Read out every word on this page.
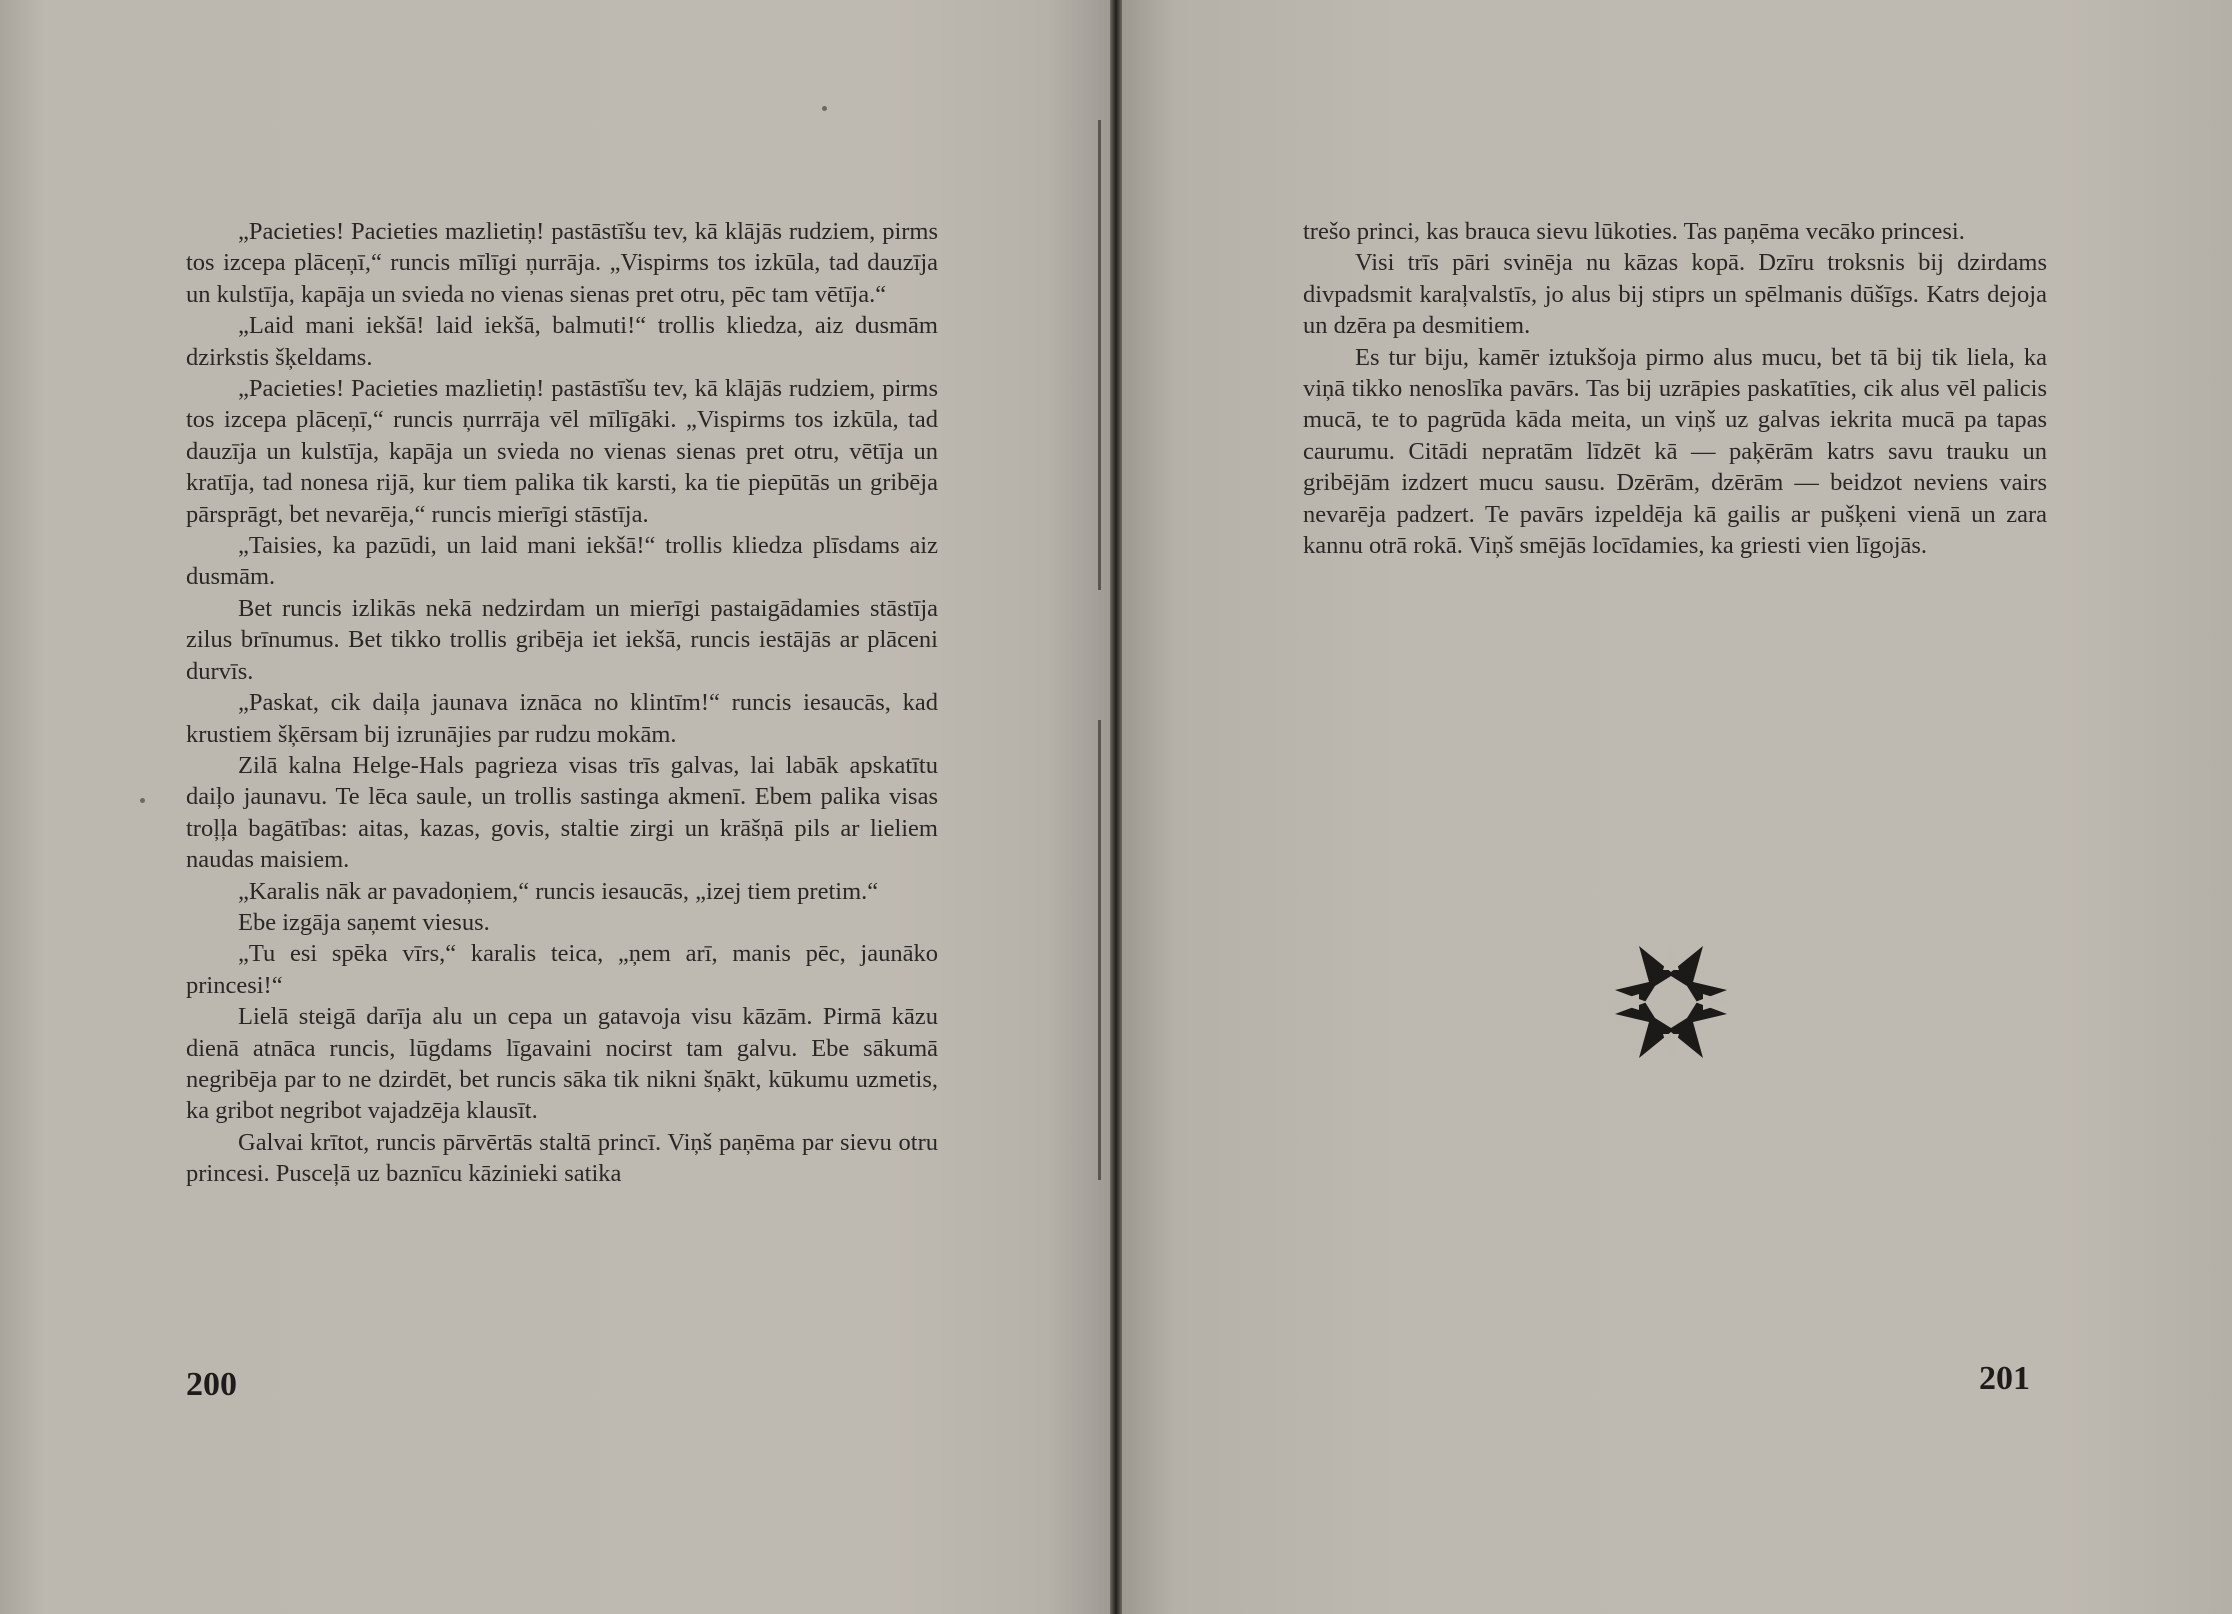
„Pacieties! Pacieties mazlietiņ! pastāstīšu tev, kā klājās rudziem, pirms tos izcepa plāceņī,“ runcis mīlīgi ņurrāja. „Vispirms tos izkūla, tad dauzīja un kulstīja, kapāja un svieda no vienas sienas pret otru, pēc tam vētīja.“

„Laid mani iekšā! laid iekšā, balmuti!“ trollis kliedza, aiz dusmām dzirkstis šķeldams.

„Pacieties! Pacieties mazlietiņ! pastāstīšu tev, kā klājās rudziem, pirms tos izcepa plāceņī,“ runcis ņurrrāja vēl mīlīgāki. „Vispirms tos izkūla, tad dauzīja un kulstīja, kapāja un svieda no vienas sienas pret otru, vētīja un kratīja, tad nonesa rijā, kur tiem palika tik karsti, ka tie piepūtās un gribēja pārsprāgt, bet nevarēja,“ runcis mierīgi stāstīja.

„Taisies, ka pazūdi, un laid mani iekšā!“ trollis kliedza plīsdams aiz dusmām.

Bet runcis izlikās nekā nedzirdam un mierīgi pastaigādamies stāstīja zilus brīnumus. Bet tikko trollis gribēja iet iekšā, runcis iestājās ar plāceni durvīs.

„Paskat, cik daiļa jaunava iznāca no klintīm!“ runcis iesaucās, kad krustiem šķērsam bij izrunājies par rudzu mokām.

Zilā kalna Helge-Hals pagrieza visas trīs galvas, lai labāk apskatītu daiļo jaunavu. Te lēca saule, un trollis sastinga akmenī. Ebem palika visas troļļa bagātības: aitas, kazas, govis, staltie zirgi un krāšņā pils ar lieliem naudas maisiem.

„Karalis nāk ar pavadoņiem,“ runcis iesaucās, „izej tiem pretim.“

Ebe izgāja saņemt viesus.

„Tu esi spēka vīrs,“ karalis teica, „ņem arī, manis pēc, jaunāko princesi!“

Lielā steigā darīja alu un cepa un gatavoja visu kāzām. Pirmā kāzu dienā atnāca runcis, lūgdams līgavaini nocirst tam galvu. Ebe sākumā negribēja par to ne dzirdēt, bet runcis sāka tik nikni šņākt, kūkumu uzmetis, ka gribot negribot vajadzēja klausīt.

Galvai krītot, runcis pārvērtās staltā princī. Viņš paņēma par sievu otru princesi. Pusceļā uz baznīcu kāzinieki satika

200

trešo princi, kas brauca sievu lūkoties. Tas paņēma vecāko princesi.

Visi trīs pāri svinēja nu kāzas kopā. Dzīru troksnis bij dzirdams divpadsmit karaļvalstīs, jo alus bij stiprs un spēlmanis dūšīgs. Katrs dejoja un dzēra pa desmitiem.

Es tur biju, kamēr iztukšoja pirmo alus mucu, bet tā bij tik liela, ka viņā tikko nenoslīka pavārs. Tas bij uzrāpies paskatīties, cik alus vēl palicis mucā, te to pagrūda kāda meita, un viņš uz galvas iekrita mucā pa tapas caurumu. Citādi nepratām līdzēt kā — paķērām katrs savu trauku un gribējām izdzert mucu sausu. Dzērām, dzērām — beidzot neviens vairs nevarēja padzert. Te pavārs izpeldēja kā gailis ar pušķeni vienā un zara kannu otrā rokā. Viņš smējās locīdamies, ka griesti vien līgojās.

201
